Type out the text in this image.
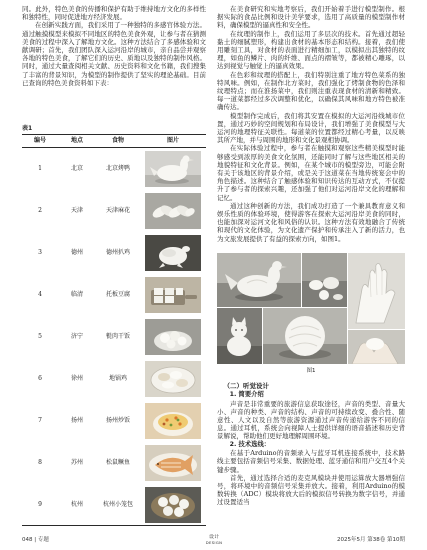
同。此外，特色美食的传播和保护有助于维持地方文化的多样性和独特性，同时促进地方经济发展。

在创新实践方面，我们采用了一种独特的多感官体验方法。通过触摸模型来模拟不同地区的特色美食外观，让参与者在猜测美食的过程中深入了解地方文化。这种方法结合了多感体验和文献调研；首先，我们团队深入运河沿岸的城市，亲自品尝并观察各地的特色美食，了解它们的历史、质地以及独特的制作风格。同时，通过大量查阅相关文献、历史资料和文化书籍，我们搜集了丰富的背景知识，为模型的制作提供了坚实的理论基础。目前已查询的特色美食资料如下表：

表1
编号	地点	食物	图片
1	北京	北京烤鸭
2	天津	天津麻花
3	德州	德州扒鸡
4	临清	托板豆腐
5	济宁	甏肉干饭
6	徐州	地锅鸡
7	扬州	扬州炒饭
8	苏州	松鼠鳜鱼
9	杭州	杭州小笼包

在美食研究和实地考察后，我们开始着手进行模型制作。根据实际的食品比例和设计美学要求，选用了高质量的模型制作材料，确保模型的逼真性和安全性。

在纹理的制作上，我们运用了多层次的技术。首先通过超轻黏土的细腻塑形，构建出食材的基本形态和结构。接着，我们使用雕刻工具，对食材的表面进行精细加工，以模拟出其独特的纹理，如鱼的鳞片、肉的纤维、面点的褶皱等，都被精心雕琢，以达到视觉与触觉上的逼真效果。

在色彩和纹理的搭配上，我们特别注重了地方特色菜系的独特风味。例如，在制作北方菜时，我们强化了烤制食物的色泽和纹理特点；而在淮扬菜中，我们则注重表现食材的清新和精致。每一道菜都经过多次调整和优化，以确保其风味和地方特色被准确传达。

模型制作完成后，我们将其安置在模拟的大运河沿线城市位置，通过巧妙的空间规划和布局设计，我们增强了美食模型与大运河的地理特征关联性。每道菜的位置都经过精心考量，以反映其所产地，并与周围的地形和文化景观相协调。

在实际体验过程中，参与者在触摸和观察这些精美模型时能够感受到浓厚的美食文化氛围，还能同时了解与这些地区相关的地貌特征和文化背景。例如，在某个城市的模型旁边，可能会附有关于该地区的背景介绍，或是关于这道菜在当地传统宴会中的角色描述。这种结合了触感体验和知识传达的互动方式，不仅提升了参与者的探索兴趣，还加强了他们对运河沿岸文化的理解和记忆。

通过这种创新的方法，我们成功打造了一个兼具教育意义和娱乐性质的体验环境，使得游客在探索大运河沿岸美食的同时，也能加深对运河文化和风俗的认识。这种方法有效地融合了传统和现代的文化体验，为文化遗产保护和传承注入了新的活力，也为文旅发展提供了有益的探索方向，如图1。

图1

（二）听觉设计

1. 简要介绍

声音是非常重要的旅游信息获取途径，声音的类型、音量大小、声音的种类、声音的结构、声音的可持续改变、叠合性、随意性、人文以及自然等旅游资源通过声音传递给游客不同的信息。通过耳机，系统会向视障人士提供详细的语音描述和历史背景解说，帮助他们更好地理解周围环境。

2. 技术选线：

在基于Arduino的音频录入与蓝牙耳机连接系统中，技术路线主要包括音频信号采集、数据处理、蓝牙通信和用户交互4个关键步骤。

首先，通过选择合适的麦克风模块并使用运算放大器增强信号，将环境中的音频信号采集并放大。接着，利用Arduino的模数转换（ADC）模块将放大后的模拟信号转换为数字信号，并通过设置适当

048 | 专题	设计
DESIGN	2025年5月 第38卷 第10期
